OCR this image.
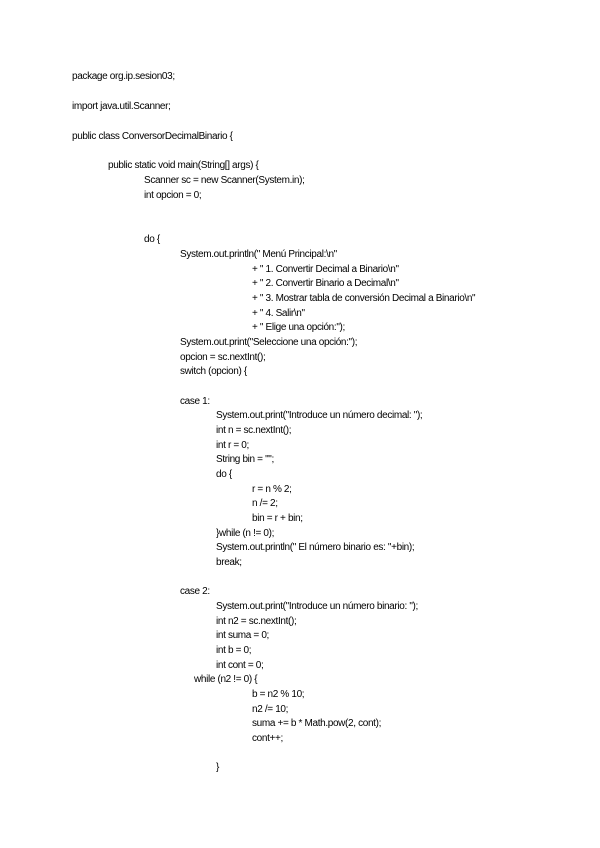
package org.ip.sesion03;
import java.util.Scanner;
public class ConversorDecimalBinario {
public static void main(String[] args) {
Scanner sc = new Scanner(System.in);
int opcion = 0;
do {
System.out.println(" Menú Principal:\n"
+ " 1. Convertir Decimal a Binario\n"
+ " 2. Convertir Binario a Decimal\n"
+ " 3. Mostrar tabla de conversión Decimal a Binario\n"
+ " 4. Salir\n"
+ " Elige una opción:");
System.out.print("Seleccione una opción:");
opcion = sc.nextInt();
switch (opcion) {
case 1:
System.out.print("Introduce un número decimal: ");
int n = sc.nextInt();
int r = 0;
String bin = "";
do {
r = n % 2;
n /= 2;
bin = r + bin;
}while (n != 0);
System.out.println(" El número binario es: "+bin);
break;
case 2:
System.out.print("Introduce un número binario: ");
int n2 = sc.nextInt();
int suma = 0;
int b = 0;
int cont = 0;
while (n2 != 0) {
b = n2 % 10;
n2 /= 10;
suma += b * Math.pow(2, cont);
cont++;
}
